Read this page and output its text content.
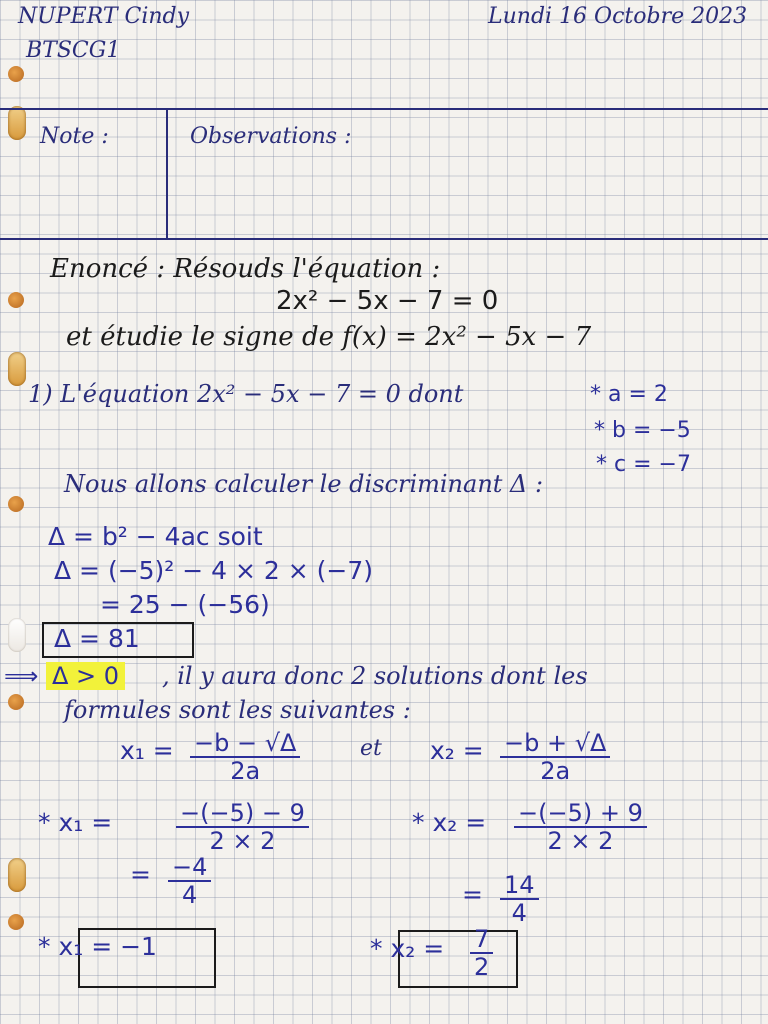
NUPERT Cindy
BTSCG1
Lundi 16 Octobre 2023
Note :	Observations :
Enoncé : Résouds l'équation :
2x² − 5x − 7 = 0
et étudie le signe de f(x) = 2x² − 5x − 7
1) L'équation 2x² − 5x − 7 = 0 dont	* a = 2
* b = −5
* c = −7
Nous allons calculer le discriminant Δ :
Δ = b² − 4ac soit
Δ = (−5)² − 4 × 2 × (−7)
= 25 − (−56)
Δ = 81
⟹ Δ > 0 , il y aura donc 2 solutions dont les
formules sont les suivantes :
$x_1 = \frac{-b - √\Delta}{2a}$	et $x_2 = \frac{-b + √\Delta}{2a}$
* x₁ =	$\frac{-(-5) - 9}{2 \times 2}$
= $\frac{-4}{4}$
* $x_2 = \frac{-(-5) + 9}{2 \times 2}$
= $\frac{14}{4}$
* x₁ = −1	* $x_2 = \frac{7}{2}$
